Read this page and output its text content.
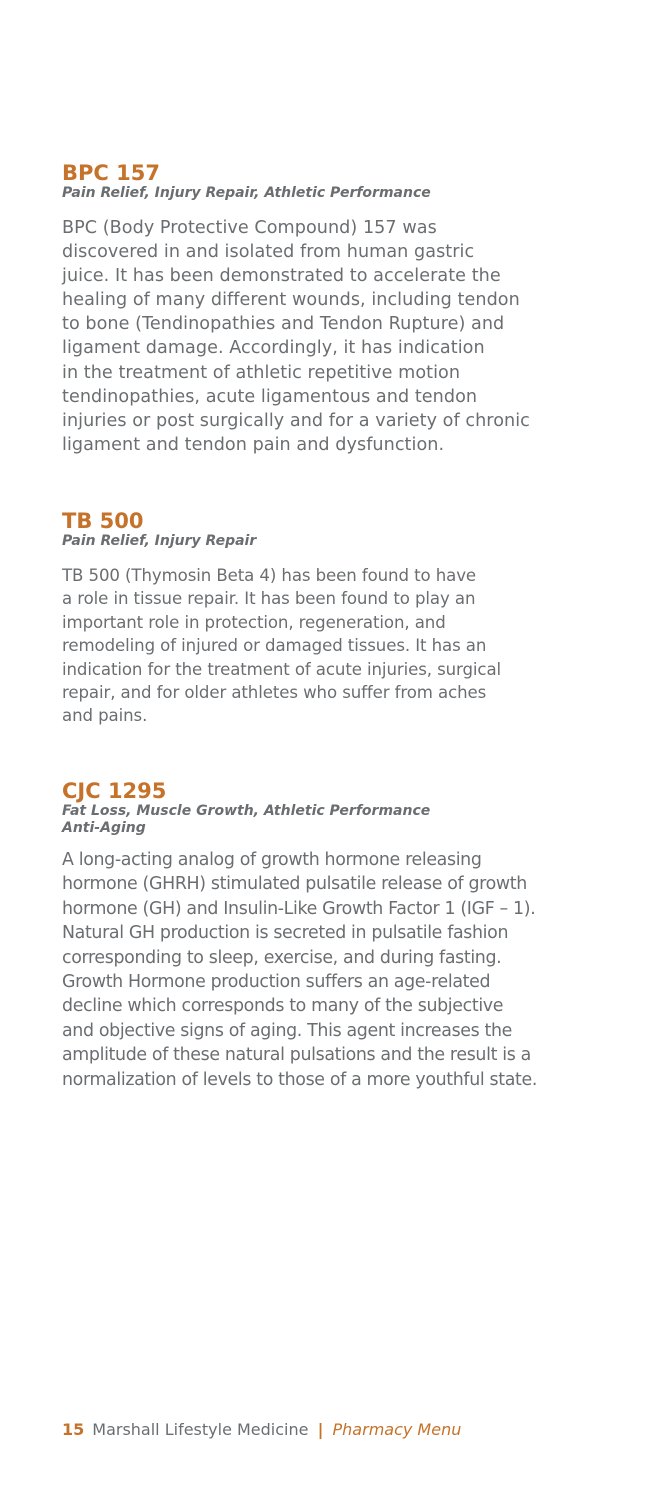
BPC 157
Pain Relief, Injury Repair, Athletic Performance

BPC (Body Protective Compound) 157 was
discovered in and isolated from human gastric
juice. It has been demonstrated to accelerate the
healing of many different wounds, including tendon
to bone (Tendinopathies and Tendon Rupture) and
ligament damage. Accordingly, it has indication
in the treatment of athletic repetitive motion
tendinopathies, acute ligamentous and tendon
injuries or post surgically and for a variety of chronic
ligament and tendon pain and dysfunction.

TB 500
Pain Relief, Injury Repair

TB 500 (Thymosin Beta 4) has been found to have
a role in tissue repair. It has been found to play an
important role in protection, regeneration, and
remodeling of injured or damaged tissues. It has an
indication for the treatment of acute injuries, surgical
repair, and for older athletes who suffer from aches
and pains.

CJC 1295
Fat Loss, Muscle Growth, Athletic Performance
Anti-Aging

A long-acting analog of growth hormone releasing
hormone (GHRH) stimulated pulsatile release of growth
hormone (GH) and Insulin-Like Growth Factor 1 (IGF – 1).
Natural GH production is secreted in pulsatile fashion
corresponding to sleep, exercise, and during fasting.
Growth Hormone production suffers an age-related
decline which corresponds to many of the subjective
and objective signs of aging. This agent increases the
amplitude of these natural pulsations and the result is a
normalization of levels to those of a more youthful state.

15 Marshall Lifestyle Medicine | Pharmacy Menu
